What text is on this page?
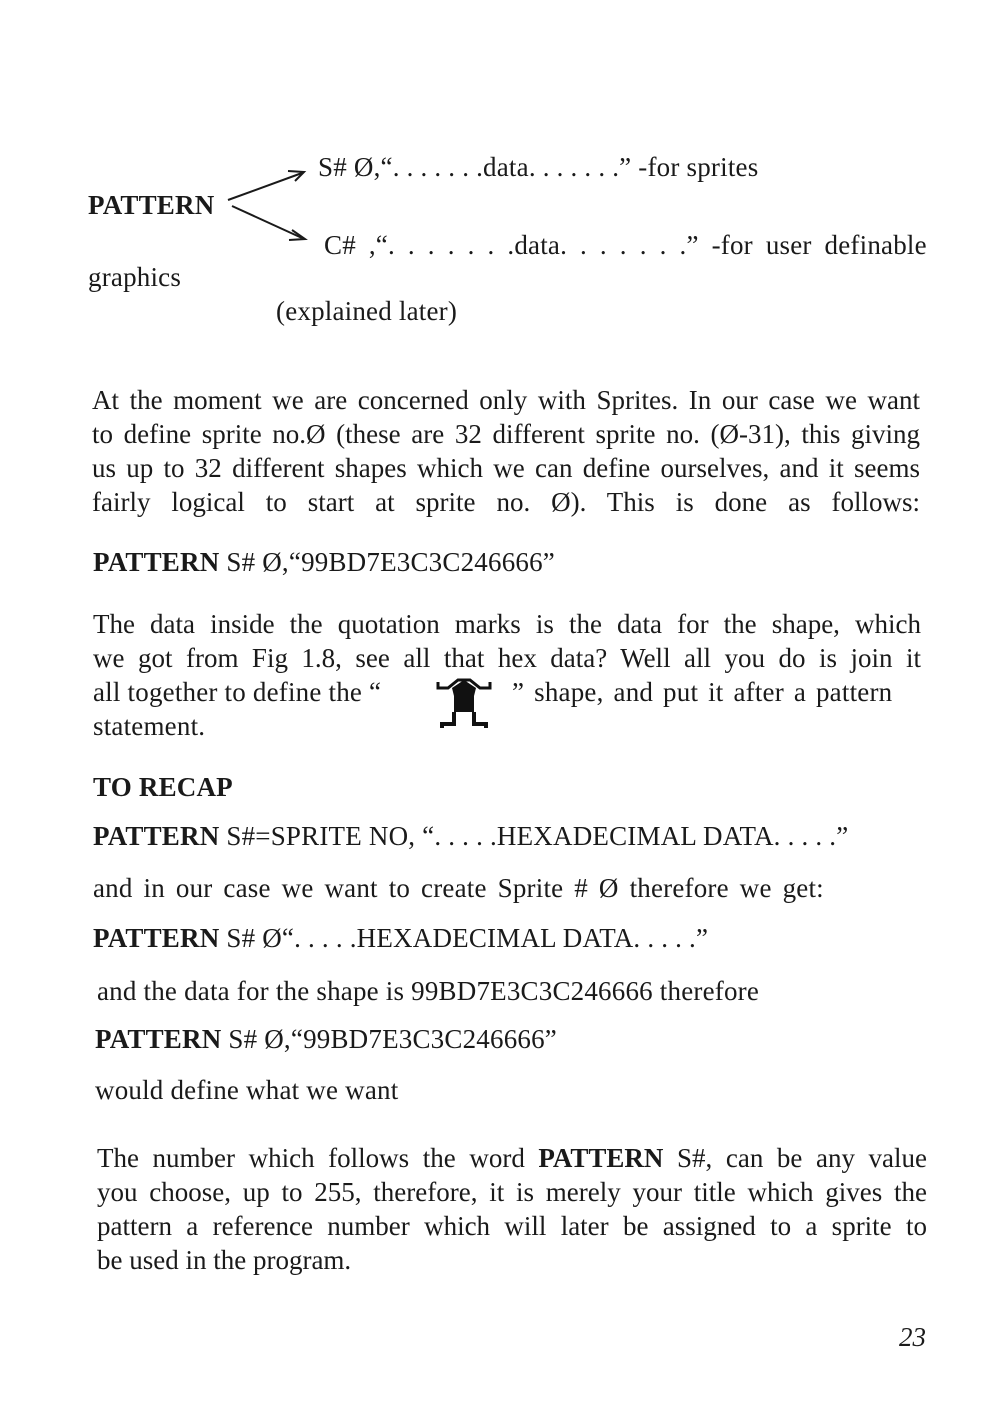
PATTERN
S# Ø,“. . . . . . .data. . . . . . .” -for sprites
C# ,“. . . . . . .data. . . . . . .” -for user definable
graphics
(explained later)

At the moment we are concerned only with Sprites. In our case we want

to define sprite no.Ø (these are 32 different sprite no. (Ø-31), this giving

us up to 32 different shapes which we can define ourselves, and it seems

fairly logical to start at sprite no. Ø). This is done as follows:

PATTERN S# Ø,“99BD7E3C3C246666”

The data inside the quotation marks is the data for the shape, which

we got from Fig 1.8, see all that hex data? Well all you do is join it

all together to define the “	” shape, and put it after a pattern
statement.
TO RECAP
PATTERN S#=SPRITE NO, “. . . . .HEXADECIMAL DATA. . . . .”
and in our case we want to create Sprite # Ø therefore we get:
PATTERN S# Ø“. . . . .HEXADECIMAL DATA. . . . .”
and the data for the shape is 99BD7E3C3C246666 therefore
PATTERN S# Ø,“99BD7E3C3C246666”
would define what we want

The number which follows the word PATTERN S#, can be any value

you choose, up to 255, therefore, it is merely your title which gives the

pattern a reference number which will later be assigned to a sprite to

be used in the program.

23
